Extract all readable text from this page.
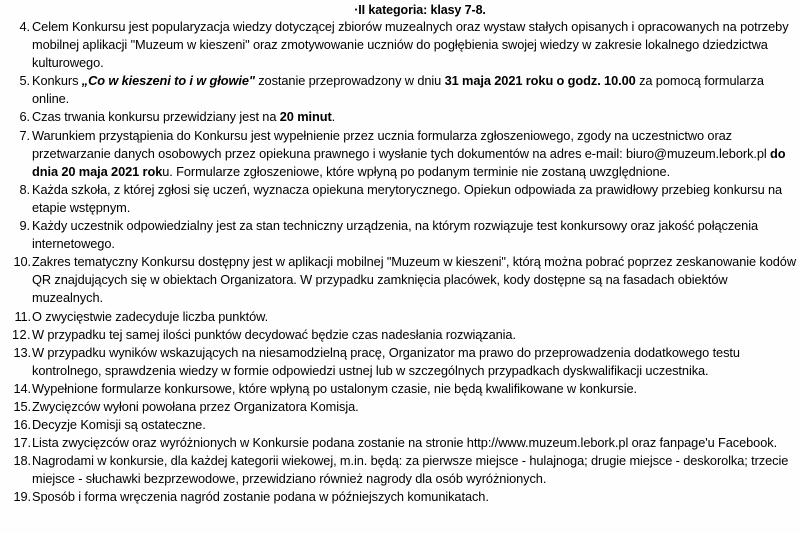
·II kategoria: klasy 7-8.
4. Celem Konkursu jest popularyzacja wiedzy dotyczącej zbiorów muzealnych oraz wystaw stałych opisanych i opracowanych na potrzeby mobilnej aplikacji "Muzeum w kieszeni" oraz zmotywowanie uczniów do pogłębienia swojej wiedzy w zakresie lokalnego dziedzictwa kulturowego.
5. Konkurs „Co w kieszeni to i w głowie" zostanie przeprowadzony w dniu 31 maja 2021 roku o godz. 10.00 za pomocą formularza online.
6. Czas trwania konkursu przewidziany jest na 20 minut.
7. Warunkiem przystąpienia do Konkursu jest wypełnienie przez ucznia formularza zgłoszeniowego, zgody na uczestnictwo oraz przetwarzanie danych osobowych przez opiekuna prawnego i wysłanie tych dokumentów na adres e-mail: biuro@muzeum.lebork.pl do dnia 20 maja 2021 roku. Formularze zgłoszeniowe, które wpłyną po podanym terminie nie zostaną uwzględnione.
8. Każda szkoła, z której zgłosi się uczeń, wyznacza opiekuna merytorycznego. Opiekun odpowiada za prawidłowy przebieg konkursu na etapie wstępnym.
9. Każdy uczestnik odpowiedzialny jest za stan techniczny urządzenia, na którym rozwiązuje test konkursowy oraz jakość połączenia internetowego.
10. Zakres tematyczny Konkursu dostępny jest w aplikacji mobilnej "Muzeum w kieszeni", którą można pobrać poprzez zeskanowanie kodów QR znajdujących się w obiektach Organizatora. W przypadku zamknięcia placówek, kody dostępne są na fasadach obiektów muzealnych.
11. O zwycięstwie zadecyduje liczba punktów.
12. W przypadku tej samej ilości punktów decydować będzie czas nadesłania rozwiązania.
13. W przypadku wyników wskazujących na niesamodzielną pracę, Organizator ma prawo do przeprowadzenia dodatkowego testu kontrolnego, sprawdzenia wiedzy w formie odpowiedzi ustnej lub w szczególnych przypadkach dyskwalifikacji uczestnika.
14. Wypełnione formularze konkursowe, które wpłyną po ustalonym czasie, nie będą kwalifikowane w konkursie.
15. Zwycięzców wyłoni powołana przez Organizatora Komisja.
16. Decyzje Komisji są ostateczne.
17. Lista zwycięzców oraz wyróżnionych w Konkursie podana zostanie na stronie http://www.muzeum.lebork.pl oraz fanpage'u Facebook.
18. Nagrodami w konkursie, dla każdej kategorii wiekowej, m.in. będą: za pierwsze miejsce - hulajnoga; drugie miejsce - deskorolka; trzecie miejsce - słuchawki bezprzewodowe, przewidziano również nagrody dla osób wyróżnionych.
19. Sposób i forma wręczenia nagród zostanie podana w późniejszych komunikatach.
